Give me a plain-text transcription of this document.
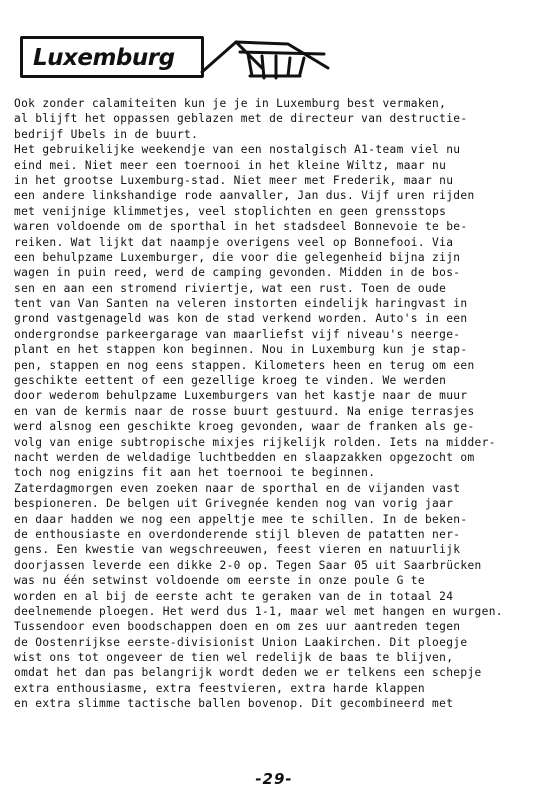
Luxemburg
Ook zonder calamiteiten kun je je in Luxemburg best vermaken,
al blijft het oppassen geblazen met de directeur van destructie-
bedrijf Ubels in de buurt.
Het gebruikelijke weekendje van een nostalgisch A1-team viel nu
eind mei. Niet meer een toernooi in het kleine Wiltz, maar nu
in het grootse Luxemburg-stad. Niet meer met Frederik, maar nu
een andere linkshandige rode aanvaller, Jan dus. Vijf uren rijden
met venijnige klimmetjes, veel stoplichten en geen grensstops
waren voldoende om de sporthal in het stadsdeel Bonnevoie te be-
reiken. Wat lijkt dat naampje overigens veel op Bonnefooi. Via
een behulpzame Luxemburger, die voor die gelegenheid bijna zijn
wagen in puin reed, werd de camping gevonden. Midden in de bos-
sen en aan een stromend riviertje, wat een rust. Toen de oude
tent van Van Santen na veleren instorten eindelijk haringvast in
grond vastgenageld was kon de stad verkend worden. Auto's in een
ondergrondse parkeergarage van maarliefst vijf niveau's neerge-
plant en het stappen kon beginnen. Nou in Luxemburg kun je stap-
pen, stappen en nog eens stappen. Kilometers heen en terug om een
geschikte eettent of een gezellige kroeg te vinden. We werden
door wederom behulpzame Luxemburgers van het kastje naar de muur
en van de kermis naar de rosse buurt gestuurd. Na enige terrasjes
werd alsnog een geschikte kroeg gevonden, waar de franken als ge-
volg van enige subtropische mixjes rijkelijk rolden. Iets na midder-
nacht werden de weldadige luchtbedden en slaapzakken opgezocht om
toch nog enigzins fit aan het toernooi te beginnen.
Zaterdagmorgen even zoeken naar de sporthal en de vijanden vast
bespioneren. De belgen uit Grivegnée kenden nog van vorig jaar
en daar hadden we nog een appeltje mee te schillen. In de beken-
de enthousiaste en overdonderende stijl bleven de patatten ner-
gens. Een kwestie van wegschreeuwen, feest vieren en natuurlijk
doorjassen leverde een dikke 2-0 op. Tegen Saar 05 uit Saarbrücken
was nu één setwinst voldoende om eerste in onze poule G te
worden en al bij de eerste acht te geraken van de in totaal 24
deelnemende ploegen. Het werd dus 1-1, maar wel met hangen en wurgen.
Tussendoor even boodschappen doen en om zes uur aantreden tegen
de Oostenrijkse eerste-divisionist Union Laakirchen. Dit ploegje
wist ons tot ongeveer de tien wel redelijk de baas te blijven,
omdat het dan pas belangrijk wordt deden we er telkens een schepje
extra enthousiasme, extra feestvieren, extra harde klappen
en extra slimme tactische ballen bovenop. Dit gecombineerd met
-29-
